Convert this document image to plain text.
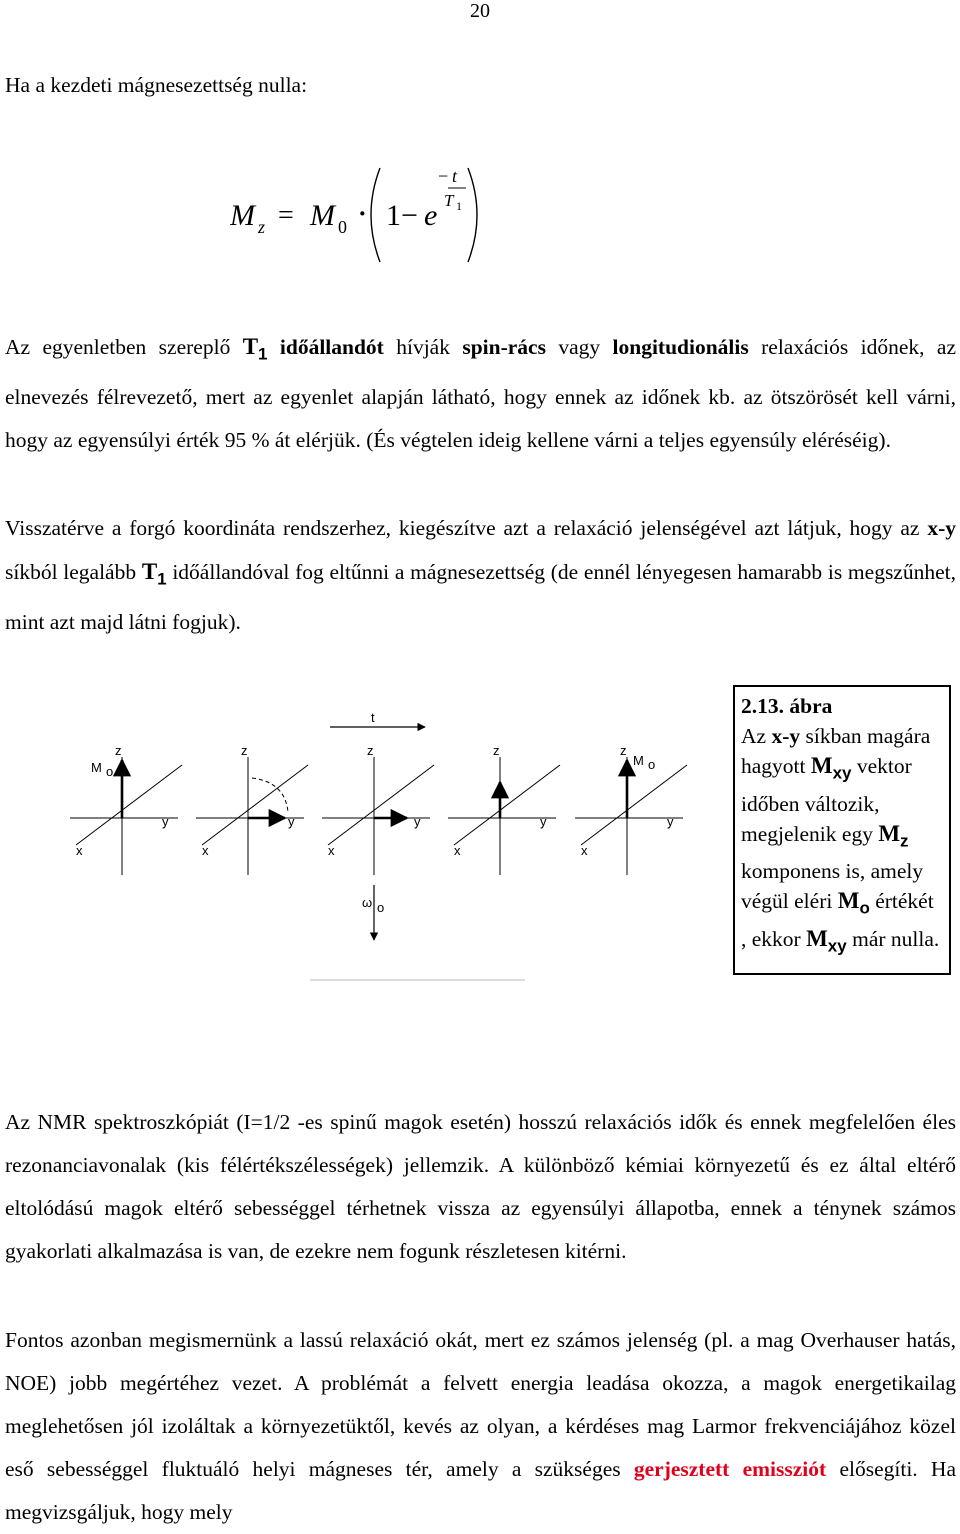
20

Ha a kezdeti mágnesezettség nulla:

M z = M 0 · 1− e
− t
T 1

Az egyenletben szereplő $T_1$ időállandót hívják spin-rács vagy longitudionális relaxációs időnek, az elnevezés félrevezető, mert az egyenlet alapján látható, hogy ennek az időnek kb. az ötszörösét kell várni, hogy az egyensúlyi érték 95 % át elérjük. (És végtelen ideig kellene várni a teljes egyensúly eléréséig).

Visszatérve a forgó koordináta rendszerhez, kiegészítve azt a relaxáció jelenségével azt látjuk, hogy az x-y síkból legalább $T_1$ időállandóval fog eltűnni a mágnesezettség (de ennél lényegesen hamarabb is megszűnhet, mint azt majd látni fogjuk).

t
z
y
x
M o
z
y
x
z
y
x
ω o
z
y
x
z
y
x
M o
2.13. ábra
Az x-y síkban magára hagyott $M_{xy}$ vektor időben változik, megjelenik egy $M_z$ komponens is, amely végül eléri $M_o$ értékét , ekkor $M_{xy}$ már nulla.

Az NMR spektroszkópiát (I=1/2 -es spinű magok esetén) hosszú relaxációs idők és ennek megfelelően éles rezonanciavonalak (kis félértékszélességek) jellemzik. A különböző kémiai környezetű és ez által eltérő eltolódású magok eltérő sebességgel térhetnek vissza az egyensúlyi állapotba, ennek a ténynek számos gyakorlati alkalmazása is van, de ezekre nem fogunk részletesen kitérni.

Fontos azonban megismernünk a lassú relaxáció okát, mert ez számos jelenség (pl. a mag Overhauser hatás, NOE) jobb megértéhez vezet. A problémát a felvett energia leadása okozza, a magok energetikailag meglehetősen jól izoláltak a környezetüktől, kevés az olyan, a kérdéses mag Larmor frekvenciájához közel eső sebességgel fluktuáló helyi mágneses tér, amely a szükséges gerjesztett emissziót elősegíti. Ha megvizsgáljuk, hogy mely
